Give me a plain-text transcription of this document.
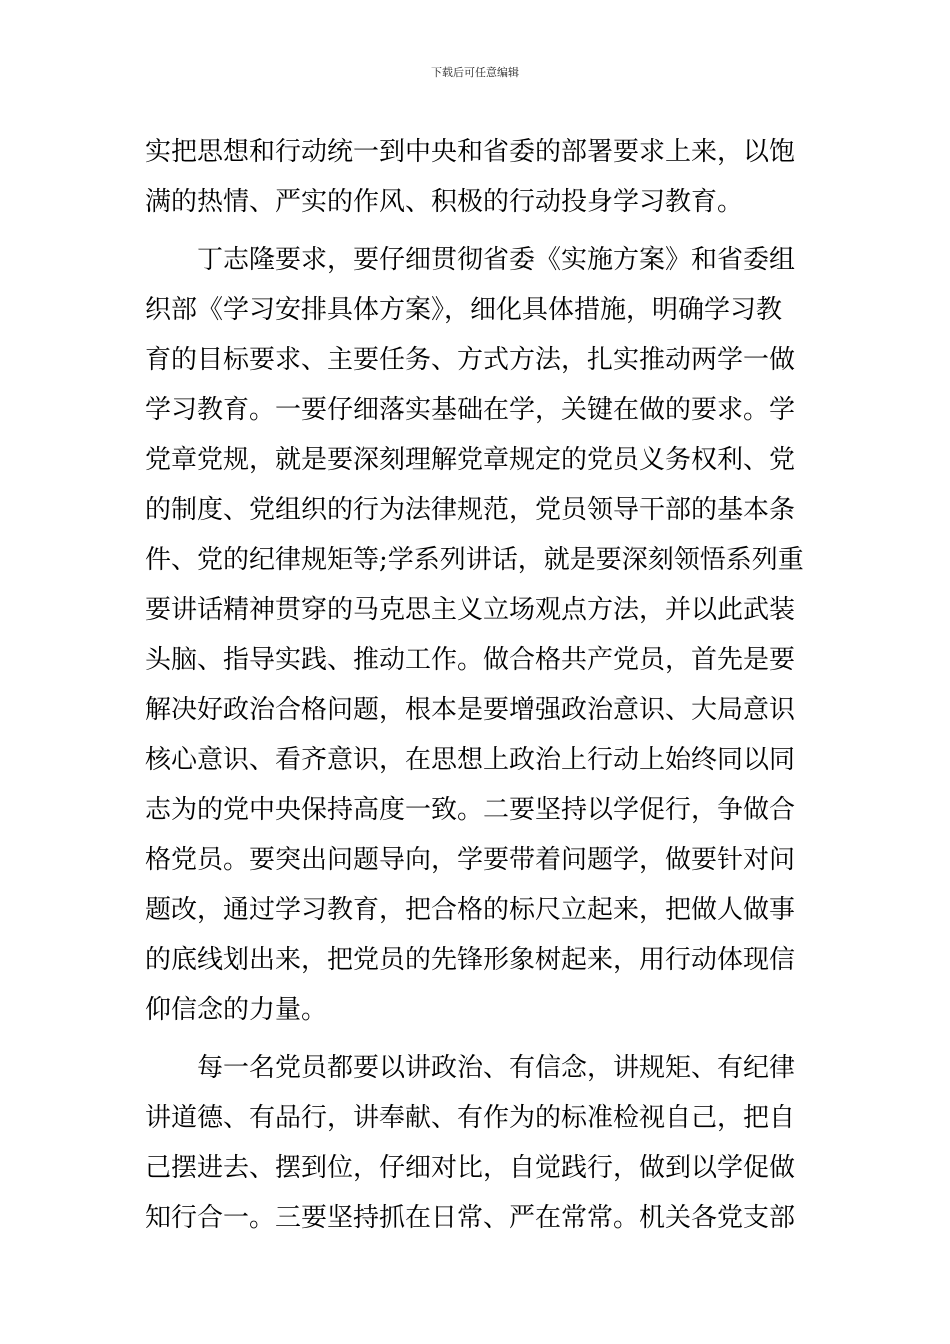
下载后可任意编辑
实把思想和行动统一到中央和省委的部署要求上来，以饱
满的热情、严实的作风、积极的行动投身学习教育。
丁志隆要求，要仔细贯彻省委《实施方案》和省委组
织部《学习安排具体方案》，细化具体措施，明确学习教
育的目标要求、主要任务、方式方法，扎实推动两学一做
学习教育。一要仔细落实基础在学，关键在做的要求。学
党章党规，就是要深刻理解党章规定的党员义务权利、党
的制度、党组织的行为法律规范，党员领导干部的基本条
件、党的纪律规矩等;学系列讲话，就是要深刻领悟系列重
要讲话精神贯穿的马克思主义立场观点方法，并以此武装
头脑、指导实践、推动工作。做合格共产党员，首先是要
解决好政治合格问题，根本是要增强政治意识、大局意识
核心意识、看齐意识，在思想上政治上行动上始终同以同
志为的党中央保持高度一致。二要坚持以学促行，争做合
格党员。要突出问题导向，学要带着问题学，做要针对问
题改，通过学习教育，把合格的标尺立起来，把做人做事
的底线划出来，把党员的先锋形象树起来，用行动体现信
仰信念的力量。
每一名党员都要以讲政治、有信念，讲规矩、有纪律
讲道德、有品行，讲奉献、有作为的标准检视自己，把自
己摆进去、摆到位，仔细对比，自觉践行，做到以学促做
知行合一。三要坚持抓在日常、严在常常。机关各党支部
